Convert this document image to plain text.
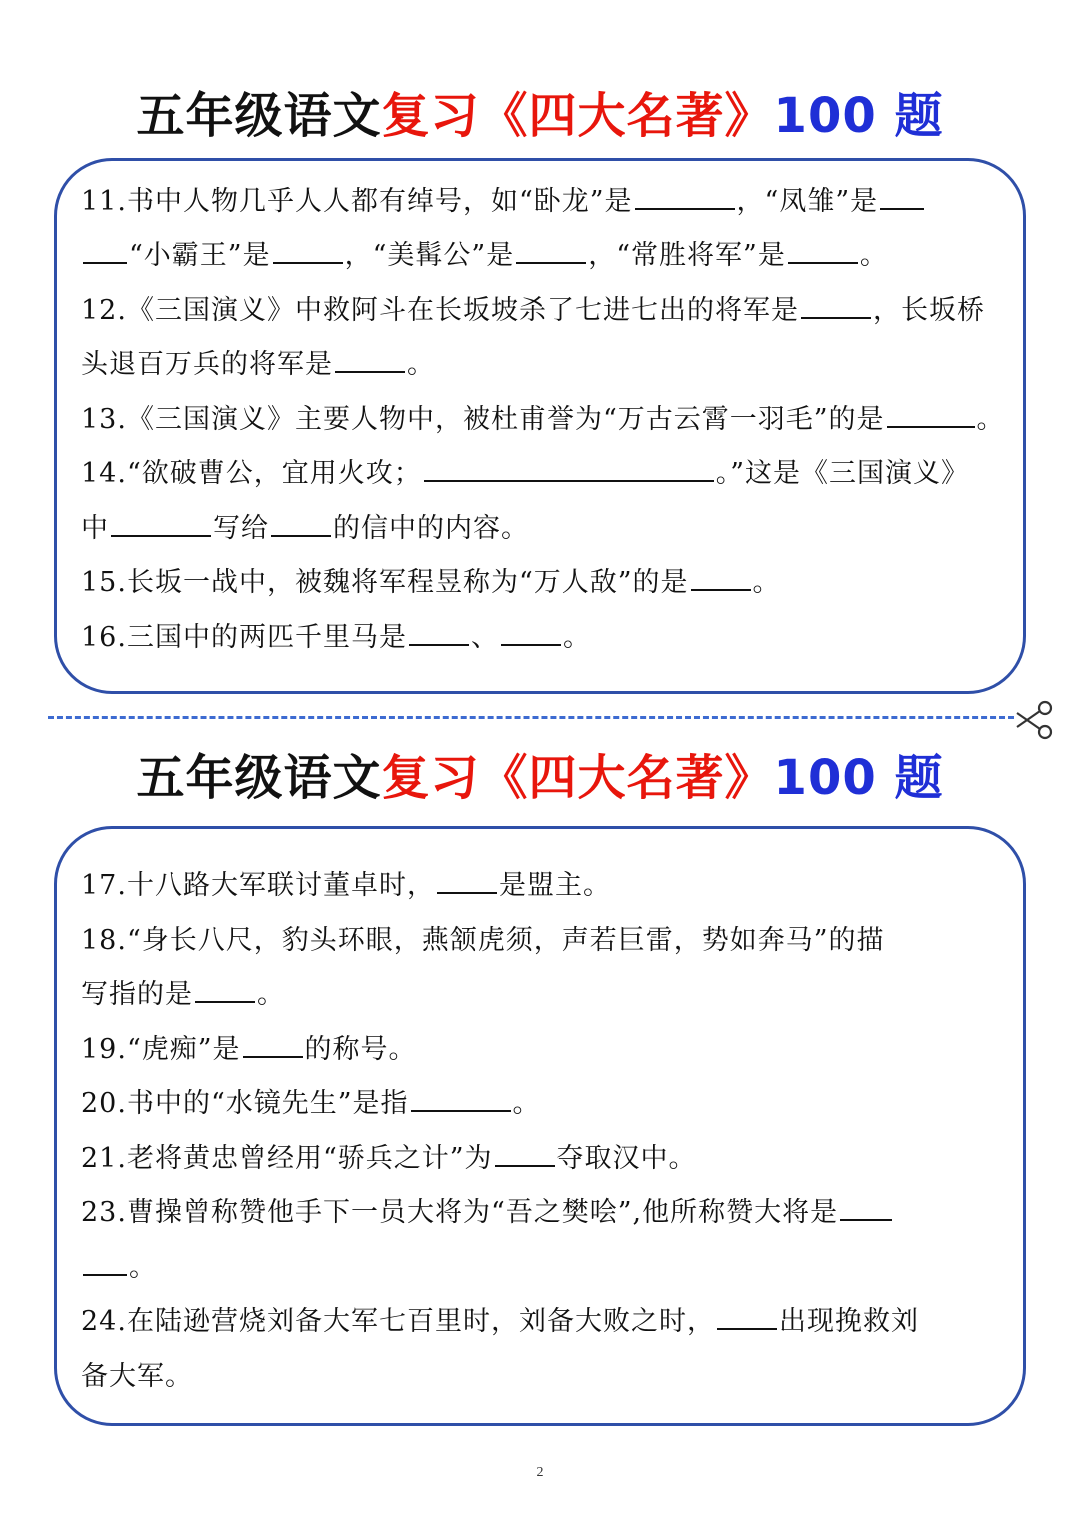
五年级语文复习《四大名著》100 题
11.书中人物几乎人人都有绰号，如“卧龙”是	，“凤雏”是
“小霸王”是	，“美髯公”是	，“常胜将军”是	。
12.《三国演义》中救阿斗在长坂坡杀了七进七出的将军是	，长坂桥
头退百万兵的将军是	。
13.《三国演义》主要人物中，被杜甫誉为“万古云霄一羽毛”的是	。
14.“欲破曹公，宜用火攻；	。”这是《三国演义》
中	写给 的信中的内容。
15.长坂一战中，被魏将军程昱称为“万人敌”的是 。
16.三国中的两匹千里马是 、 。
五年级语文复习《四大名著》100 题
17.十八路大军联讨董卓时， 是盟主。
18.“身长八尺，豹头环眼，燕颔虎须，声若巨雷，势如奔马”的描
写指的是 。
19.“虎痴”是 的称号。
20.书中的“水镜先生”是指	。
21.老将黄忠曾经用“骄兵之计”为 夺取汉中。
23.曹操曾称赞他手下一员大将为“吾之樊哙”,他所称赞大将是
。
24.在陆逊营烧刘备大军七百里时，刘备大败之时， 出现挽救刘
备大军。
2
